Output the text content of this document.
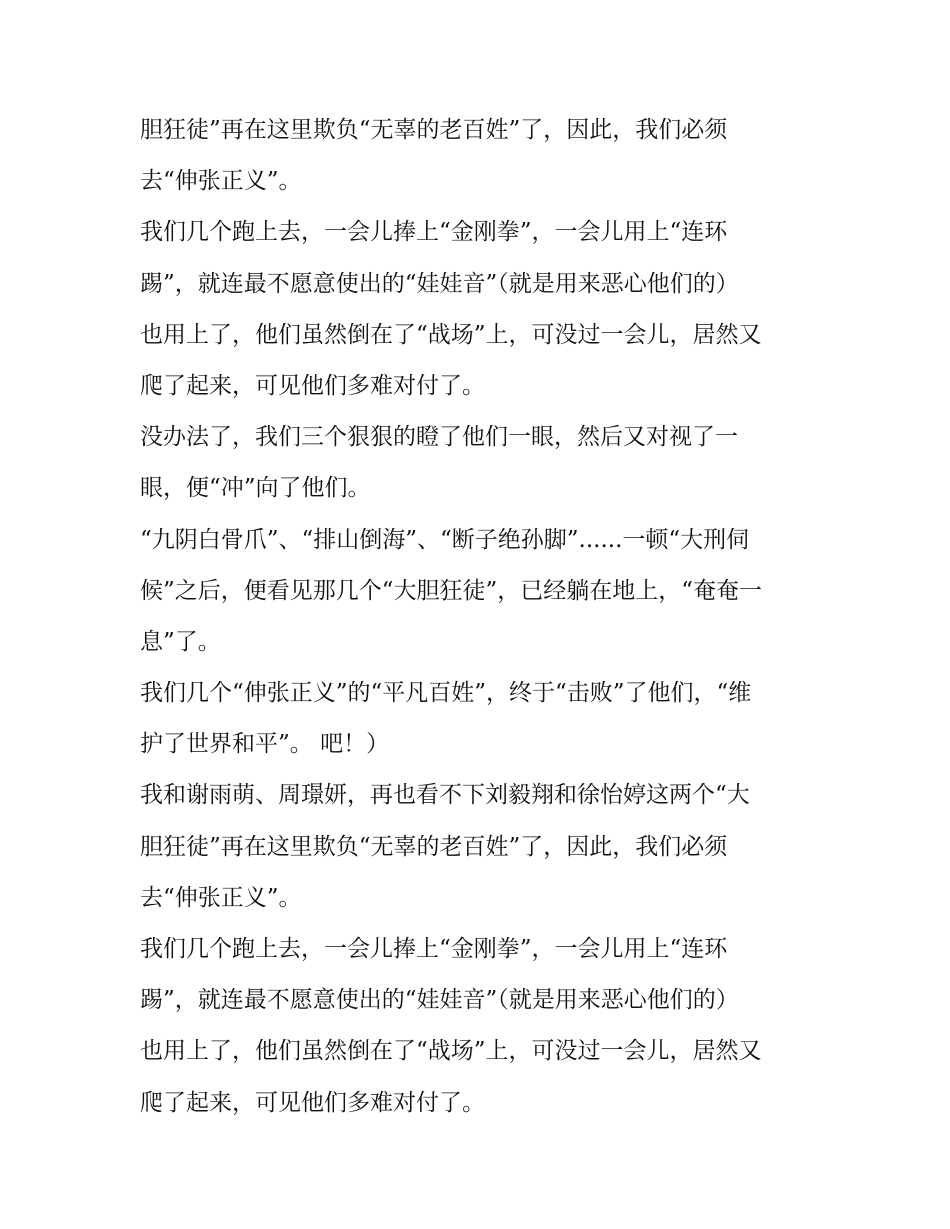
胆狂徒”再在这里欺负“无辜的老百姓”了，因此，我们必须
去“伸张正义”。
我们几个跑上去，一会儿捧上“金刚拳”，一会儿用上“连环
踢”，就连最不愿意使出的“娃娃音”（就是用来恶心他们的）
也用上了，他们虽然倒在了“战场”上，可没过一会儿，居然又
爬了起来，可见他们多难对付了。
没办法了，我们三个狠狠的瞪了他们一眼，然后又对视了一
眼，便“冲”向了他们。
“九阴白骨爪”、“排山倒海”、“断子绝孙脚”......一顿“大刑伺
候”之后，便看见那几个“大胆狂徒”，已经躺在地上，“奄奄一
息”了。
我们几个“伸张正义”的“平凡百姓”，终于“击败”了他们，“维
护了世界和平”。 吧！）
我和谢雨萌、周璟妍，再也看不下刘毅翔和徐怡婷这两个“大
胆狂徒”再在这里欺负“无辜的老百姓”了，因此，我们必须
去“伸张正义”。
我们几个跑上去，一会儿捧上“金刚拳”，一会儿用上“连环
踢”，就连最不愿意使出的“娃娃音”（就是用来恶心他们的）
也用上了，他们虽然倒在了“战场”上，可没过一会儿，居然又
爬了起来，可见他们多难对付了。
